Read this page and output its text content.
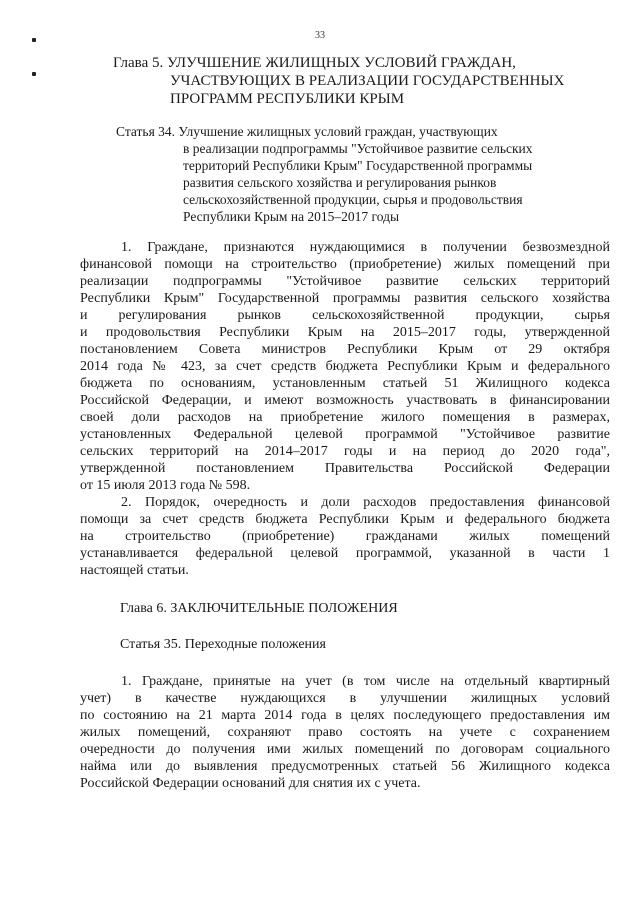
33
Глава 5. УЛУЧШЕНИЕ ЖИЛИЩНЫХ УСЛОВИЙ ГРАЖДАН,
УЧАСТВУЮЩИХ В РЕАЛИЗАЦИИ ГОСУДАРСТВЕННЫХ
ПРОГРАММ РЕСПУБЛИКИ КРЫМ
Статья 34. Улучшение жилищных условий граждан, участвующих
в реализации подпрограммы "Устойчивое развитие сельских
территорий Республики Крым" Государственной программы
развития сельского хозяйства и регулирования рынков
сельскохозяйственной продукции, сырья и продовольствия
Республики Крым на 2015–2017 годы
1. Граждане, признаются нуждающимися в получении безвозмездной
финансовой помощи на строительство (приобретение) жилых помещений при
реализации подпрограммы "Устойчивое развитие сельских территорий
Республики Крым" Государственной программы развития сельского хозяйства
и регулирования рынков сельскохозяйственной продукции, сырья
и продовольствия Республики Крым на 2015–2017 годы, утвержденной
постановлением Совета министров Республики Крым от 29 октября
2014 года № 423, за счет средств бюджета Республики Крым и федерального
бюджета по основаниям, установленным статьей 51 Жилищного кодекса
Российской Федерации, и имеют возможность участвовать в финансировании
своей доли расходов на приобретение жилого помещения в размерах,
установленных Федеральной целевой программой "Устойчивое развитие
сельских территорий на 2014–2017 годы и на период до 2020 года",
утвержденной постановлением Правительства Российской Федерации
от 15 июля 2013 года № 598.
2. Порядок, очередность и доли расходов предоставления финансовой
помощи за счет средств бюджета Республики Крым и федерального бюджета
на строительство (приобретение) гражданами жилых помещений
устанавливается федеральной целевой программой, указанной в части 1
настоящей статьи.
Глава 6. ЗАКЛЮЧИТЕЛЬНЫЕ ПОЛОЖЕНИЯ
Статья 35. Переходные положения
1. Граждане, принятые на учет (в том числе на отдельный квартирный
учет) в качестве нуждающихся в улучшении жилищных условий
по состоянию на 21 марта 2014 года в целях последующего предоставления им
жилых помещений, сохраняют право состоять на учете с сохранением
очередности до получения ими жилых помещений по договорам социального
найма или до выявления предусмотренных статьей 56 Жилищного кодекса
Российской Федерации оснований для снятия их с учета.
